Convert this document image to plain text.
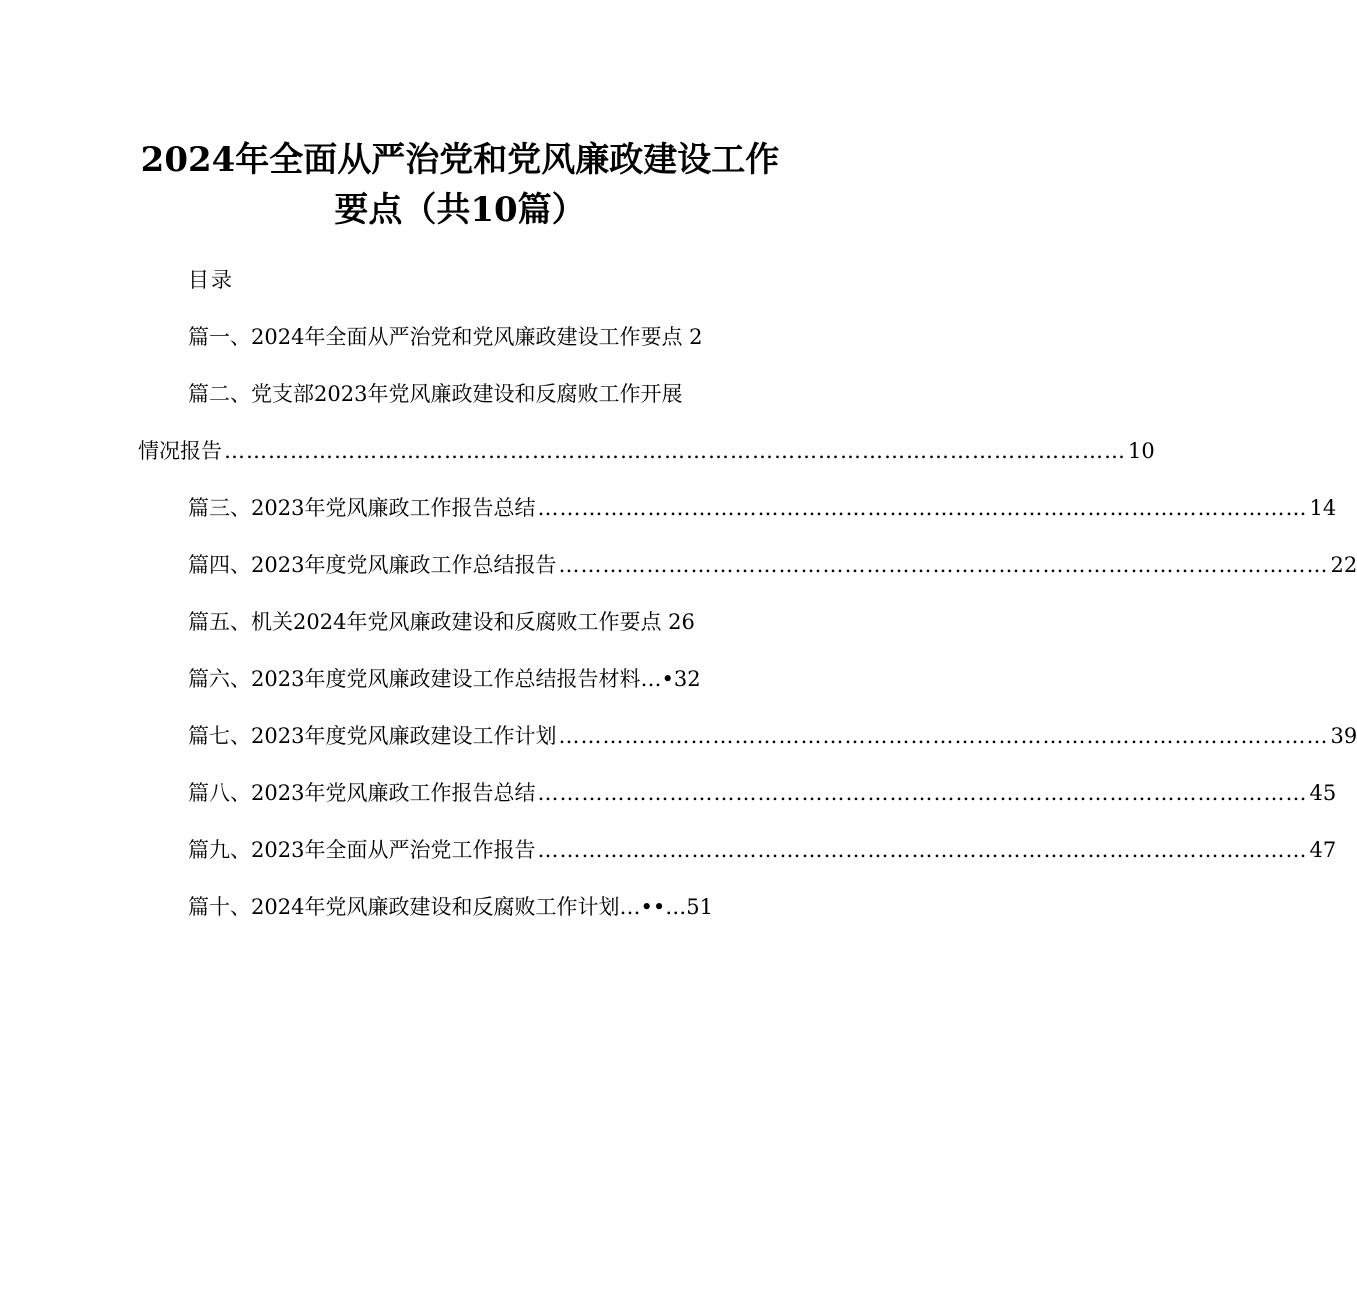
2024年全面从严治党和党风廉政建设工作
要点（共10篇）
目录
篇一、2024年全面从严治党和党风廉政建设工作要点 2
篇二、党支部2023年党风廉政建设和反腐败工作开展
情况报告 …………………………………………………………………………………………………………… 10
篇三、2023年党风廉政工作报告总结 …………………………………………………………………………………………… 14
篇四、2023年度党风廉政工作总结报告 …………………………………………………………………………………………… 22
篇五、机关2024年党风廉政建设和反腐败工作要点 26
篇六、2023年度党风廉政建设工作总结报告材料…•32
篇七、2023年度党风廉政建设工作计划 …………………………………………………………………………………………… 39
篇八、2023年党风廉政工作报告总结 …………………………………………………………………………………………… 45
篇九、2023年全面从严治党工作报告 …………………………………………………………………………………………… 47
篇十、2024年党风廉政建设和反腐败工作计划…••…51
